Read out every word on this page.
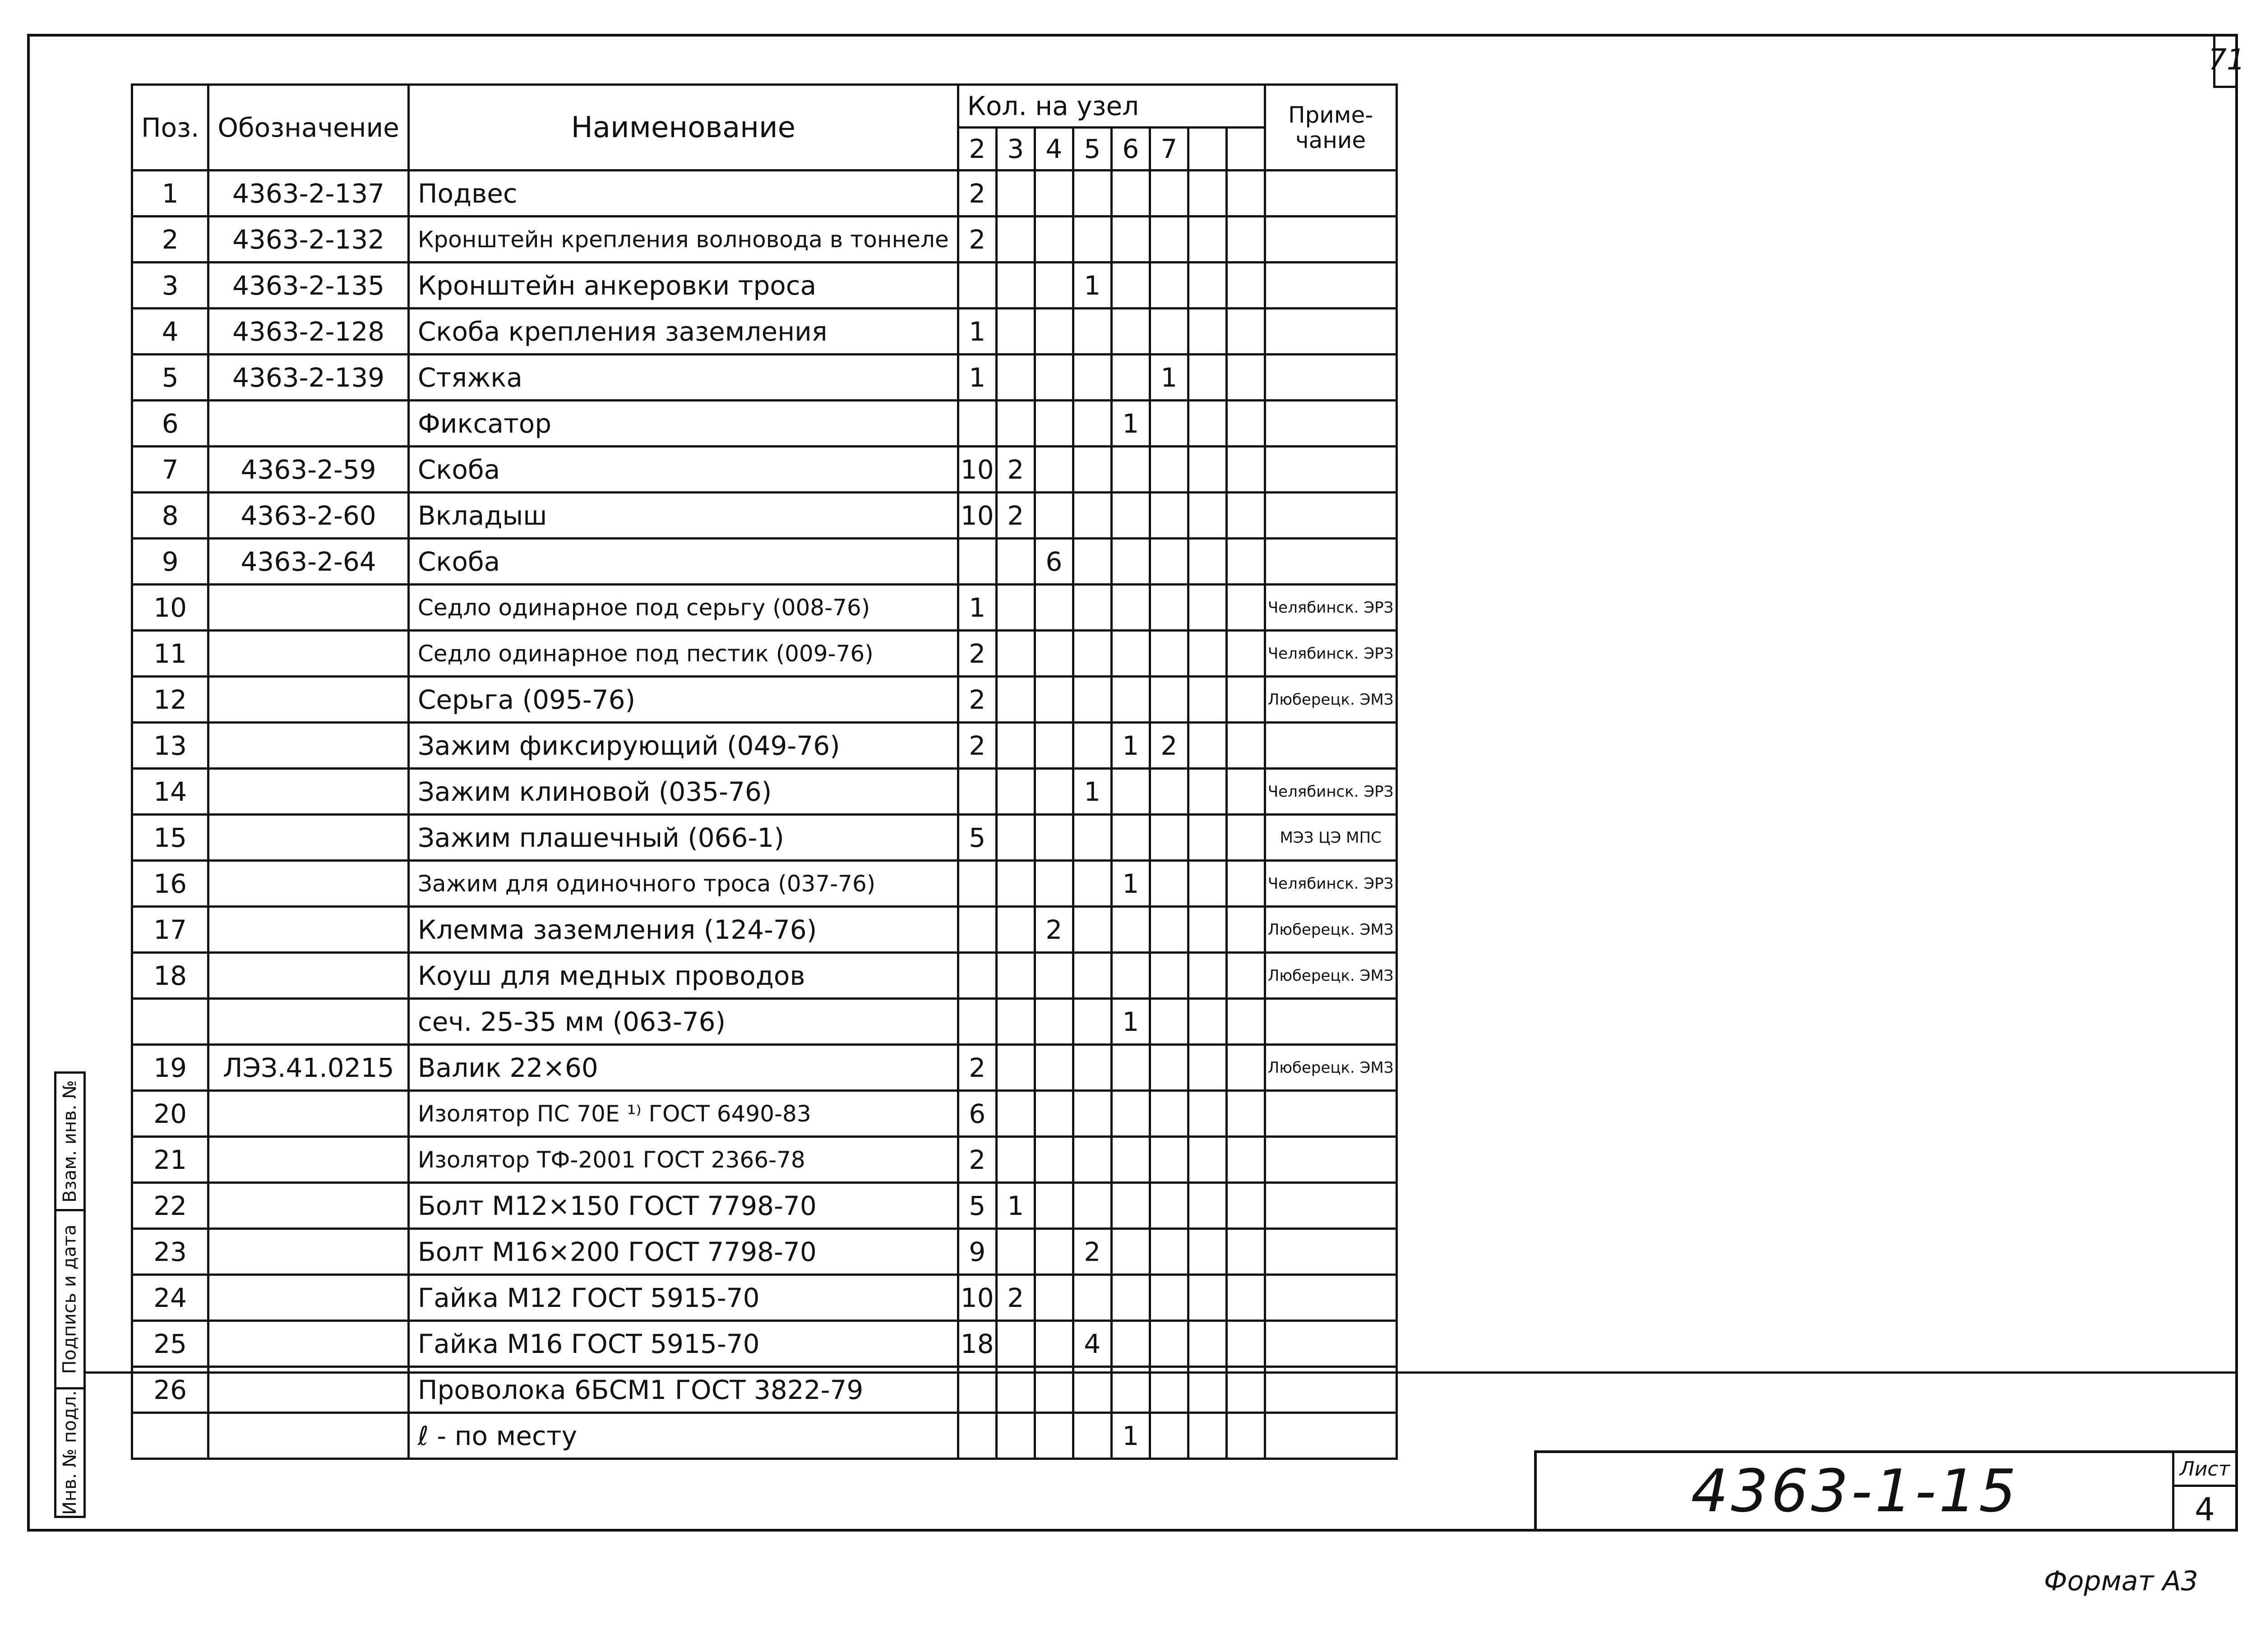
71
Поз.	Обозначение	Наименование	Кол. на узел								Приме-
чание
			2	3	4	5	6	7			
1	4363-2-137	Подвес	2								
2	4363-2-132	Кронштейн крепления волновода в тоннеле	2								
3	4363-2-135	Кронштейн анкеровки троса				1					
4	4363-2-128	Скоба крепления заземления	1								
5	4363-2-139	Стяжка	1					1			
6		Фиксатор					1				
7	4363-2-59	Скоба	10	2							
8	4363-2-60	Вкладыш	10	2							
9	4363-2-64	Скоба			6						
10		Седло одинарное под серьгу (008-76)	1								Челябинск. ЭРЗ
11		Седло одинарное под пестик (009-76)	2								Челябинск. ЭРЗ
12		Серьга (095-76)	2								Люберецк. ЭМЗ
13		Зажим фиксирующий (049-76)	2				1	2			
14		Зажим клиновой (035-76)				1					Челябинск. ЭРЗ
15		Зажим плашечный (066-1)	5								МЭЗ ЦЭ МПС
16		Зажим для одиночного троса (037-76)					1				Челябинск. ЭРЗ
17		Клемма заземления (124-76)			2						Люберецк. ЭМЗ
18		Коуш для медных проводов									Люберецк. ЭМЗ
		сеч. 25-35 мм (063-76)					1				
19	ЛЭЗ.41.0215	Валик 22×60	2								Люберецк. ЭМЗ
20		Изолятор ПС 70Е ¹⁾ ГОСТ 6490-83	6								
21		Изолятор ТФ-2001 ГОСТ 2366-78	2								
22		Болт М12×150 ГОСТ 7798-70	5	1							
23		Болт М16×200 ГОСТ 7798-70	9			2					
24		Гайка М12 ГОСТ 5915-70	10	2							
25		Гайка М16 ГОСТ 5915-70	18			4					
26		Проволока 6БСМ1 ГОСТ 3822-79									
		ℓ - по месту					1				
Взам. инв. №
Подпись и дата
Инв. № подл.	4363-1-15	Лист
4
Формат А3
